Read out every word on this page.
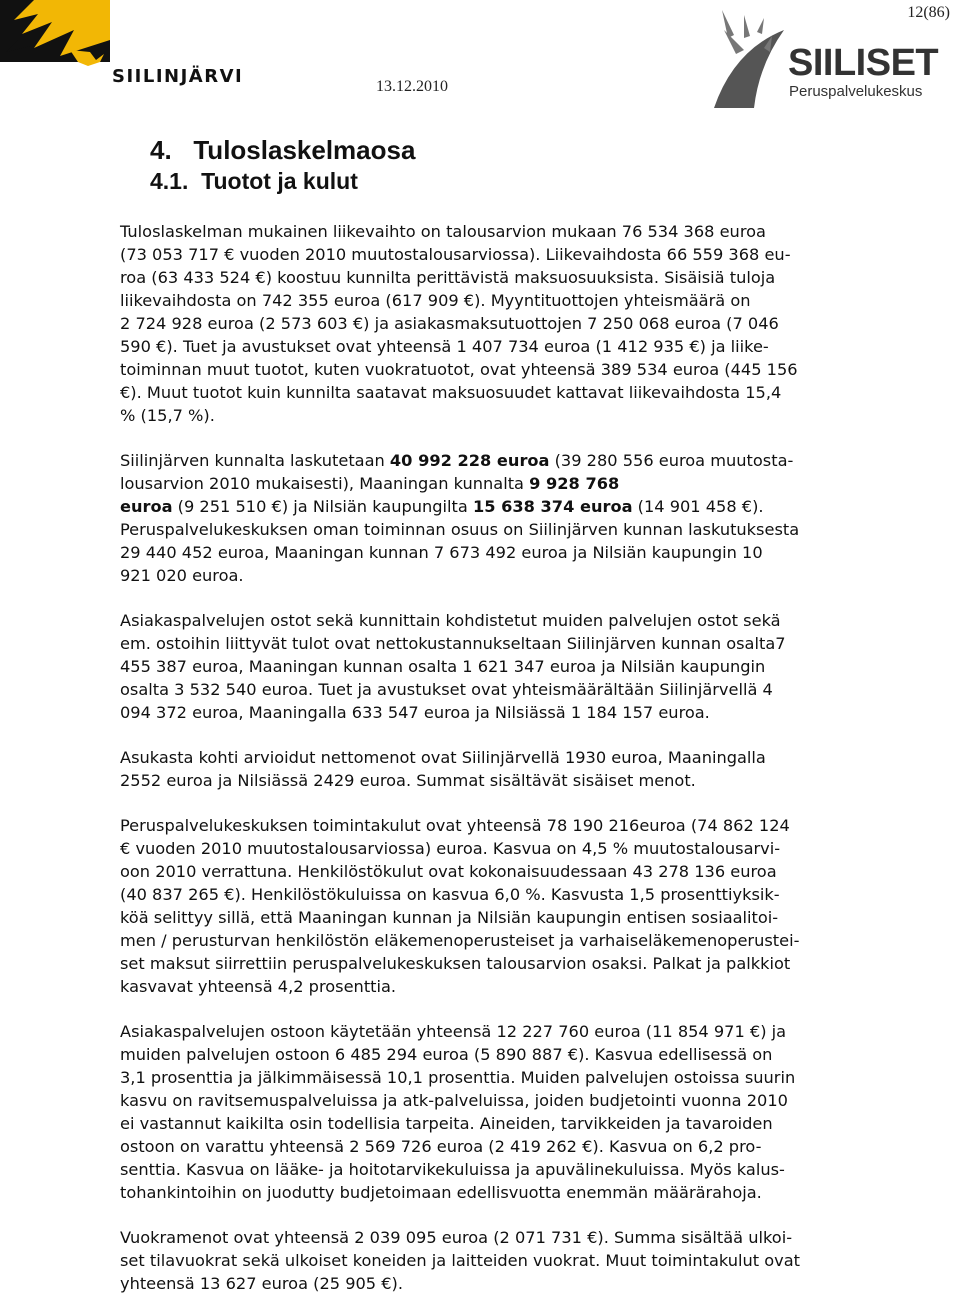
12(86)
SIILINJÄRVI	13.12.2010
SIILISET
Peruspalvelukeskus
4.   Tuloslaskelmaosa
4.1.  Tuotot ja kulut

Tuloslaskelman mukainen liikevaihto on talousarvion mukaan 76 534 368 euroa
(73 053 717 € vuoden 2010 muutostalousarviossa). Liikevaihdosta 66 559 368 eu-
roa (63 433 524 €) koostuu kunnilta perittävistä maksuosuuksista. Sisäisiä tuloja
liikevaihdosta on 742 355 euroa (617 909 €). Myyntituottojen yhteismäärä on
2 724 928 euroa (2 573 603 €) ja asiakasmaksutuottojen 7 250 068 euroa (7 046
590 €). Tuet ja avustukset ovat yhteensä 1 407 734 euroa (1 412 935 €) ja liike-
toiminnan muut tuotot, kuten vuokratuotot, ovat yhteensä 389 534 euroa (445 156
€). Muut tuotot kuin kunnilta saatavat maksuosuudet kattavat liikevaihdosta 15,4
% (15,7 %).

Siilinjärven kunnalta laskutetaan 40 992 228 euroa (39 280 556 euroa muutosta-
lousarvion 2010 mukaisesti), Maaningan kunnalta 9 928 768
euroa (9 251 510 €) ja Nilsiän kaupungilta 15 638 374 euroa (14 901 458 €).
Peruspalvelukeskuksen oman toiminnan osuus on Siilinjärven kunnan laskutuksesta
29 440 452 euroa, Maaningan kunnan 7 673 492 euroa ja Nilsiän kaupungin 10
921 020 euroa.

Asiakaspalvelujen ostot sekä kunnittain kohdistetut muiden palvelujen ostot sekä
em. ostoihin liittyvät tulot ovat nettokustannukseltaan Siilinjärven kunnan osalta7
455 387 euroa, Maaningan kunnan osalta 1 621 347 euroa ja Nilsiän kaupungin
osalta 3 532 540 euroa. Tuet ja avustukset ovat yhteismäärältään Siilinjärvellä 4
094 372 euroa, Maaningalla 633 547 euroa ja Nilsiässä 1 184 157 euroa.

Asukasta kohti arvioidut nettomenot ovat Siilinjärvellä 1930 euroa, Maaningalla
2552 euroa ja Nilsiässä 2429 euroa. Summat sisältävät sisäiset menot.

Peruspalvelukeskuksen toimintakulut ovat yhteensä 78 190 216euroa (74 862 124
€ vuoden 2010 muutostalousarviossa) euroa. Kasvua on 4,5 % muutostalousarvi-
oon 2010 verrattuna. Henkilöstökulut ovat kokonaisuudessaan 43 278 136 euroa
(40 837 265 €). Henkilöstökuluissa on kasvua 6,0 %. Kasvusta 1,5 prosenttiyksik-
köä selittyy sillä, että Maaningan kunnan ja Nilsiän kaupungin entisen sosiaalitoi-
men / perusturvan henkilöstön eläkemenoperusteiset ja varhaiseläkemenoperustei-
set maksut siirrettiin peruspalvelukeskuksen talousarvion osaksi. Palkat ja palkkiot
kasvavat yhteensä 4,2 prosenttia.

Asiakaspalvelujen ostoon käytetään yhteensä 12 227 760 euroa (11 854 971 €) ja
muiden palvelujen ostoon 6 485 294 euroa (5 890 887 €). Kasvua edellisessä on
3,1 prosenttia ja jälkimmäisessä 10,1 prosenttia. Muiden palvelujen ostoissa suurin
kasvu on ravitsemuspalveluissa ja atk-palveluissa, joiden budjetointi vuonna 2010
ei vastannut kaikilta osin todellisia tarpeita. Aineiden, tarvikkeiden ja tavaroiden
ostoon on varattu yhteensä 2 569 726 euroa (2 419 262 €). Kasvua on 6,2 pro-
senttia. Kasvua on lääke- ja hoitotarvikekuluissa ja apuvälinekuluissa. Myös kalus-
tohankintoihin on juodutty budjetoimaan edellisvuotta enemmän määrärahoja.

Vuokramenot ovat yhteensä 2 039 095 euroa (2 071 731 €). Summa sisältää ulkoi-
set tilavuokrat sekä ulkoiset koneiden ja laitteiden vuokrat. Muut toimintakulut ovat
yhteensä 13 627 euroa (25 905 €).
